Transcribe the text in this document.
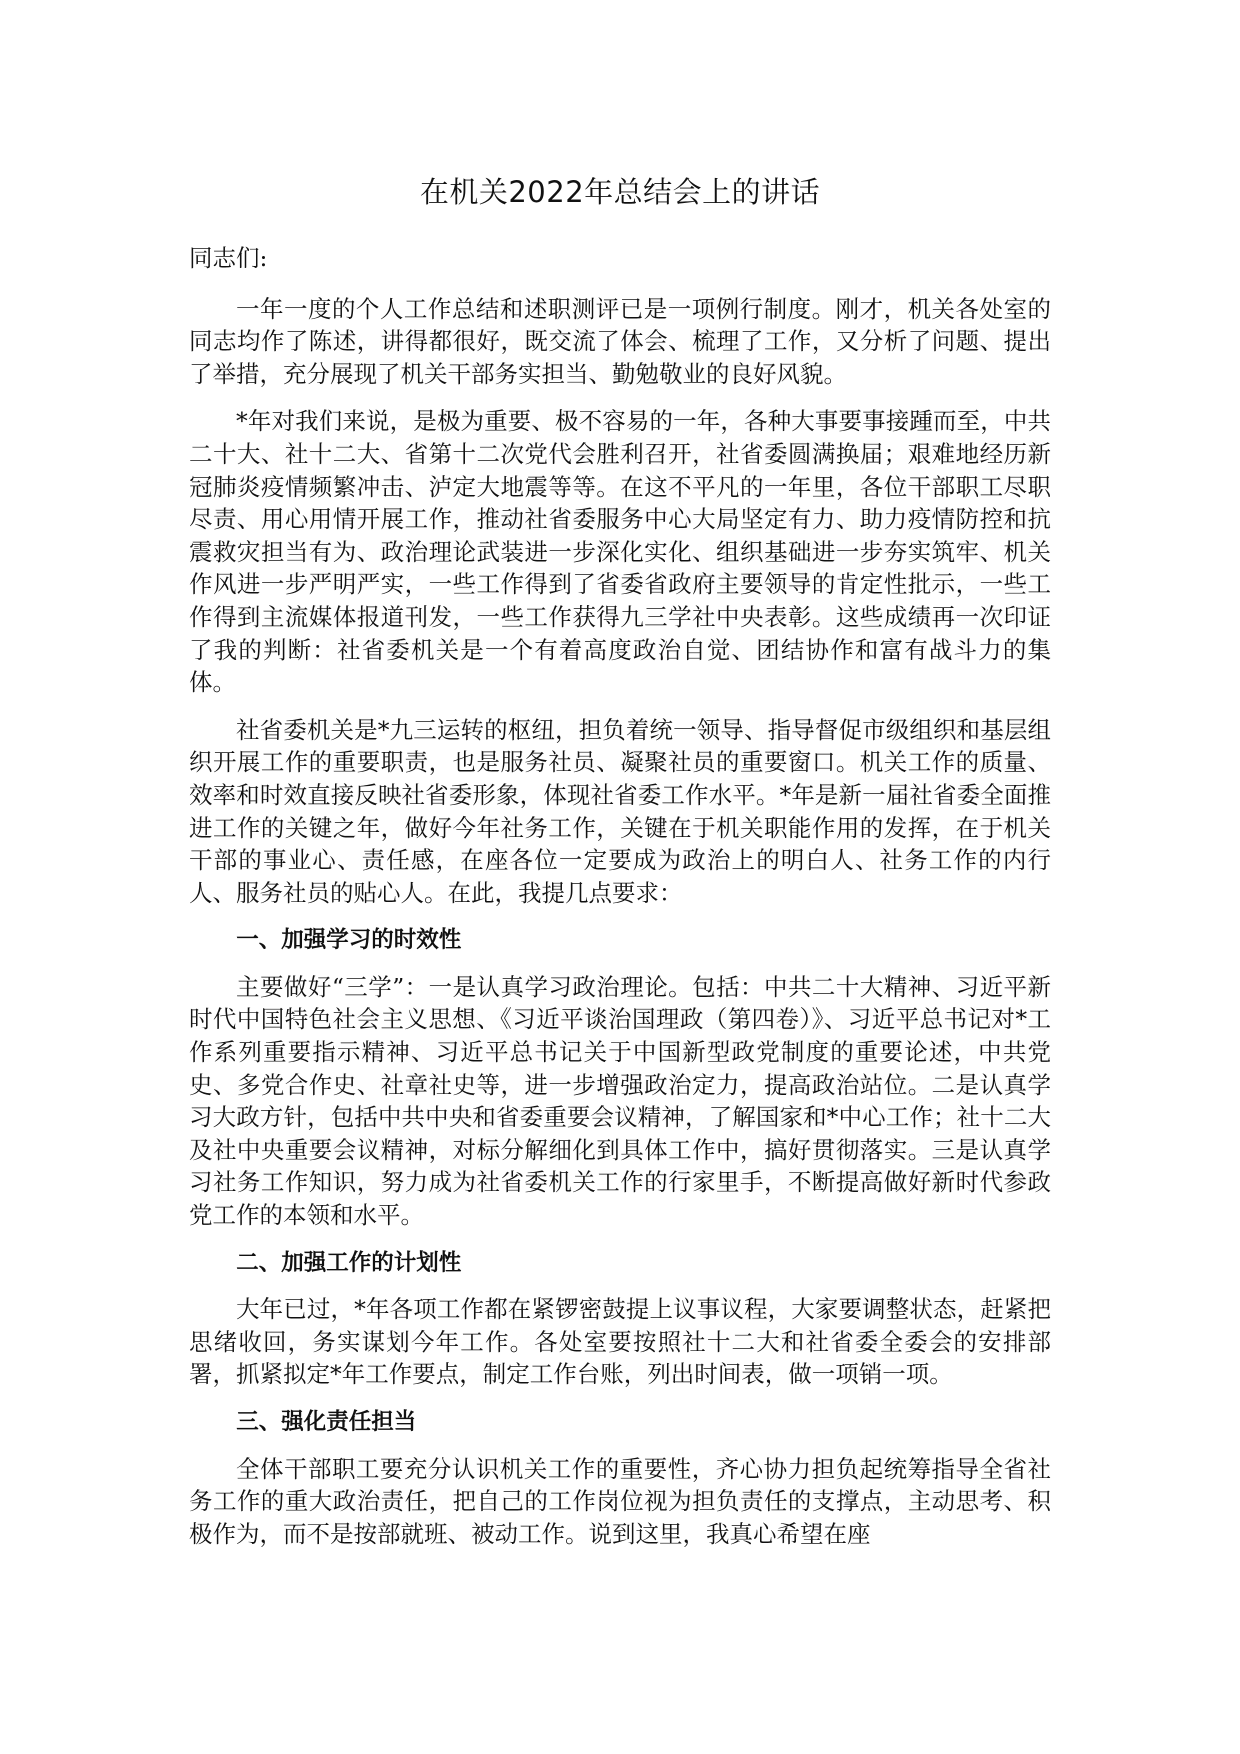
在机关2022年总结会上的讲话

同志们:

一年一度的个人工作总结和述职测评已是一项例行制度。刚才，机关各处室的同志均作了陈述，讲得都很好，既交流了体会、梳理了工作，又分析了问题、提出了举措，充分展现了机关干部务实担当、勤勉敬业的良好风貌。

*年对我们来说，是极为重要、极不容易的一年，各种大事要事接踵而至，中共二十大、社十二大、省第十二次党代会胜利召开，社省委圆满换届；艰难地经历新冠肺炎疫情频繁冲击、泸定大地震等等。在这不平凡的一年里，各位干部职工尽职尽责、用心用情开展工作，推动社省委服务中心大局坚定有力、助力疫情防控和抗震救灾担当有为、政治理论武装进一步深化实化、组织基础进一步夯实筑牢、机关作风进一步严明严实，一些工作得到了省委省政府主要领导的肯定性批示，一些工作得到主流媒体报道刊发，一些工作获得九三学社中央表彰。这些成绩再一次印证了我的判断：社省委机关是一个有着高度政治自觉、团结协作和富有战斗力的集体。

社省委机关是*九三运转的枢纽，担负着统一领导、指导督促市级组织和基层组织开展工作的重要职责，也是服务社员、凝聚社员的重要窗口。机关工作的质量、效率和时效直接反映社省委形象，体现社省委工作水平。*年是新一届社省委全面推进工作的关键之年，做好今年社务工作，关键在于机关职能作用的发挥，在于机关干部的事业心、责任感，在座各位一定要成为政治上的明白人、社务工作的内行人、服务社员的贴心人。在此，我提几点要求：

一、加强学习的时效性

主要做好“三学”：一是认真学习政治理论。包括：中共二十大精神、习近平新时代中国特色社会主义思想、《习近平谈治国理政（第四卷）》、习近平总书记对*工作系列重要指示精神、习近平总书记关于中国新型政党制度的重要论述，中共党史、多党合作史、社章社史等，进一步增强政治定力，提高政治站位。二是认真学习大政方针，包括中共中央和省委重要会议精神，了解国家和*中心工作；社十二大及社中央重要会议精神，对标分解细化到具体工作中，搞好贯彻落实。三是认真学习社务工作知识，努力成为社省委机关工作的行家里手，不断提高做好新时代参政党工作的本领和水平。

二、加强工作的计划性

大年已过，*年各项工作都在紧锣密鼓提上议事议程，大家要调整状态，赶紧把思绪收回，务实谋划今年工作。各处室要按照社十二大和社省委全委会的安排部署，抓紧拟定*年工作要点，制定工作台账，列出时间表，做一项销一项。

三、强化责任担当

全体干部职工要充分认识机关工作的重要性，齐心协力担负起统筹指导全省社务工作的重大政治责任，把自己的工作岗位视为担负责任的支撑点，主动思考、积极作为，而不是按部就班、被动工作。说到这里，我真心希望在座
